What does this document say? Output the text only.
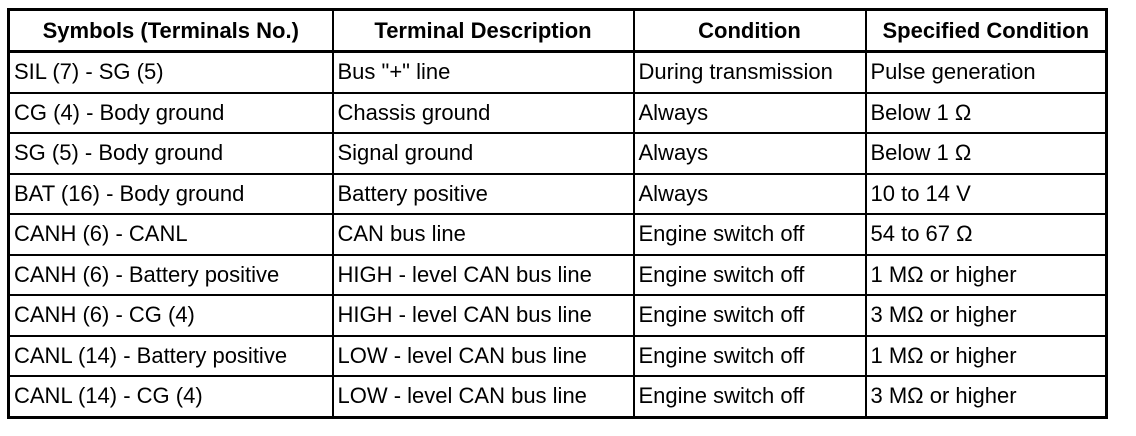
Symbols (Terminals No.)	Terminal Description	Condition	Specified Condition
SIL (7) - SG (5)	Bus "+" line	During transmission	Pulse generation
CG (4) - Body ground	Chassis ground	Always	Below 1 Ω
SG (5) - Body ground	Signal ground	Always	Below 1 Ω
BAT (16) - Body ground	Battery positive	Always	10 to 14 V
CANH (6) - CANL	CAN bus line	Engine switch off	54 to 67 Ω
CANH (6) - Battery positive	HIGH - level CAN bus line	Engine switch off	1 MΩ or higher
CANH (6) - CG (4)	HIGH - level CAN bus line	Engine switch off	3 MΩ or higher
CANL (14) - Battery positive	LOW - level CAN bus line	Engine switch off	1 MΩ or higher
CANL (14) - CG (4)	LOW - level CAN bus line	Engine switch off	3 MΩ or higher
